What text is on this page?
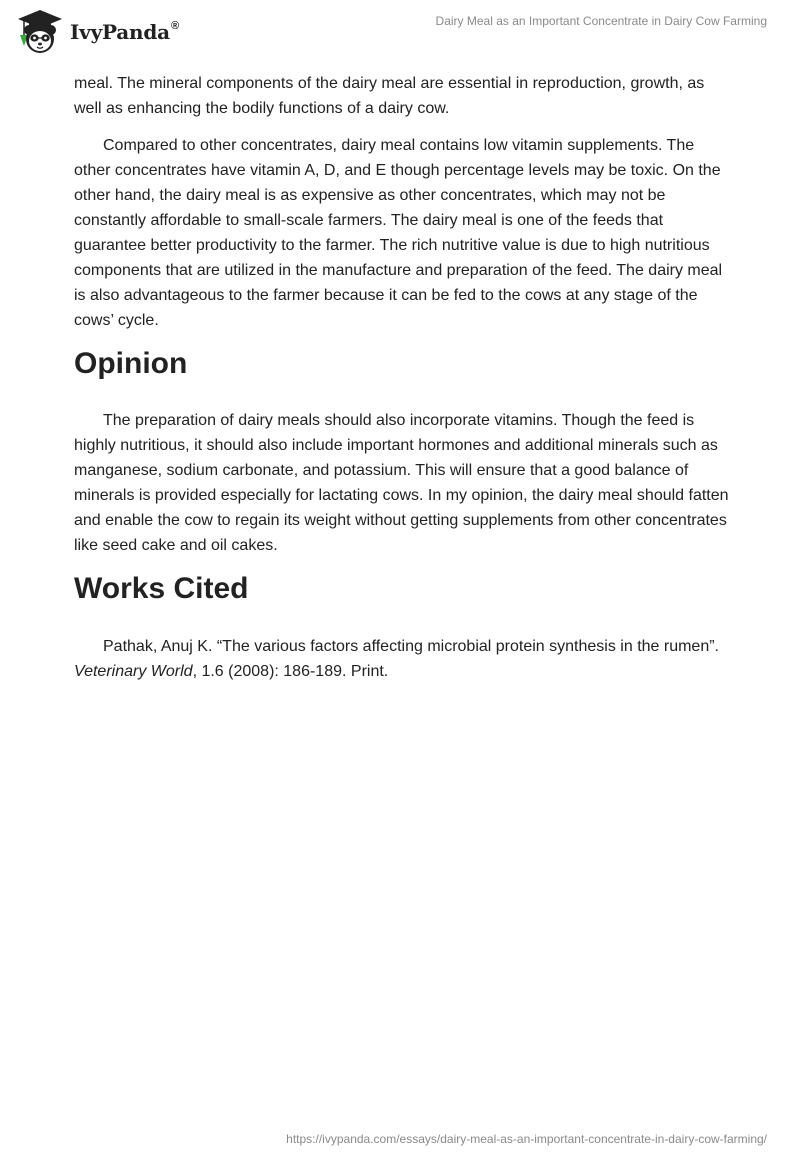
IvyPanda®	Dairy Meal as an Important Concentrate in Dairy Cow Farming

meal. The mineral components of the dairy meal are essential in reproduction, growth, as well as enhancing the bodily functions of a dairy cow.

Compared to other concentrates, dairy meal contains low vitamin supplements. The other concentrates have vitamin A, D, and E though percentage levels may be toxic. On the other hand, the dairy meal is as expensive as other concentrates, which may not be constantly affordable to small-scale farmers. The dairy meal is one of the feeds that guarantee better productivity to the farmer. The rich nutritive value is due to high nutritious components that are utilized in the manufacture and preparation of the feed. The dairy meal is also advantageous to the farmer because it can be fed to the cows at any stage of the cows’ cycle.

Opinion

The preparation of dairy meals should also incorporate vitamins. Though the feed is highly nutritious, it should also include important hormones and additional minerals such as manganese, sodium carbonate, and potassium. This will ensure that a good balance of minerals is provided especially for lactating cows. In my opinion, the dairy meal should fatten and enable the cow to regain its weight without getting supplements from other concentrates like seed cake and oil cakes.

Works Cited

Pathak, Anuj K. “The various factors affecting microbial protein synthesis in the rumen”. Veterinary World, 1.6 (2008): 186-189. Print.

https://ivypanda.com/essays/dairy-meal-as-an-important-concentrate-in-dairy-cow-farming/
